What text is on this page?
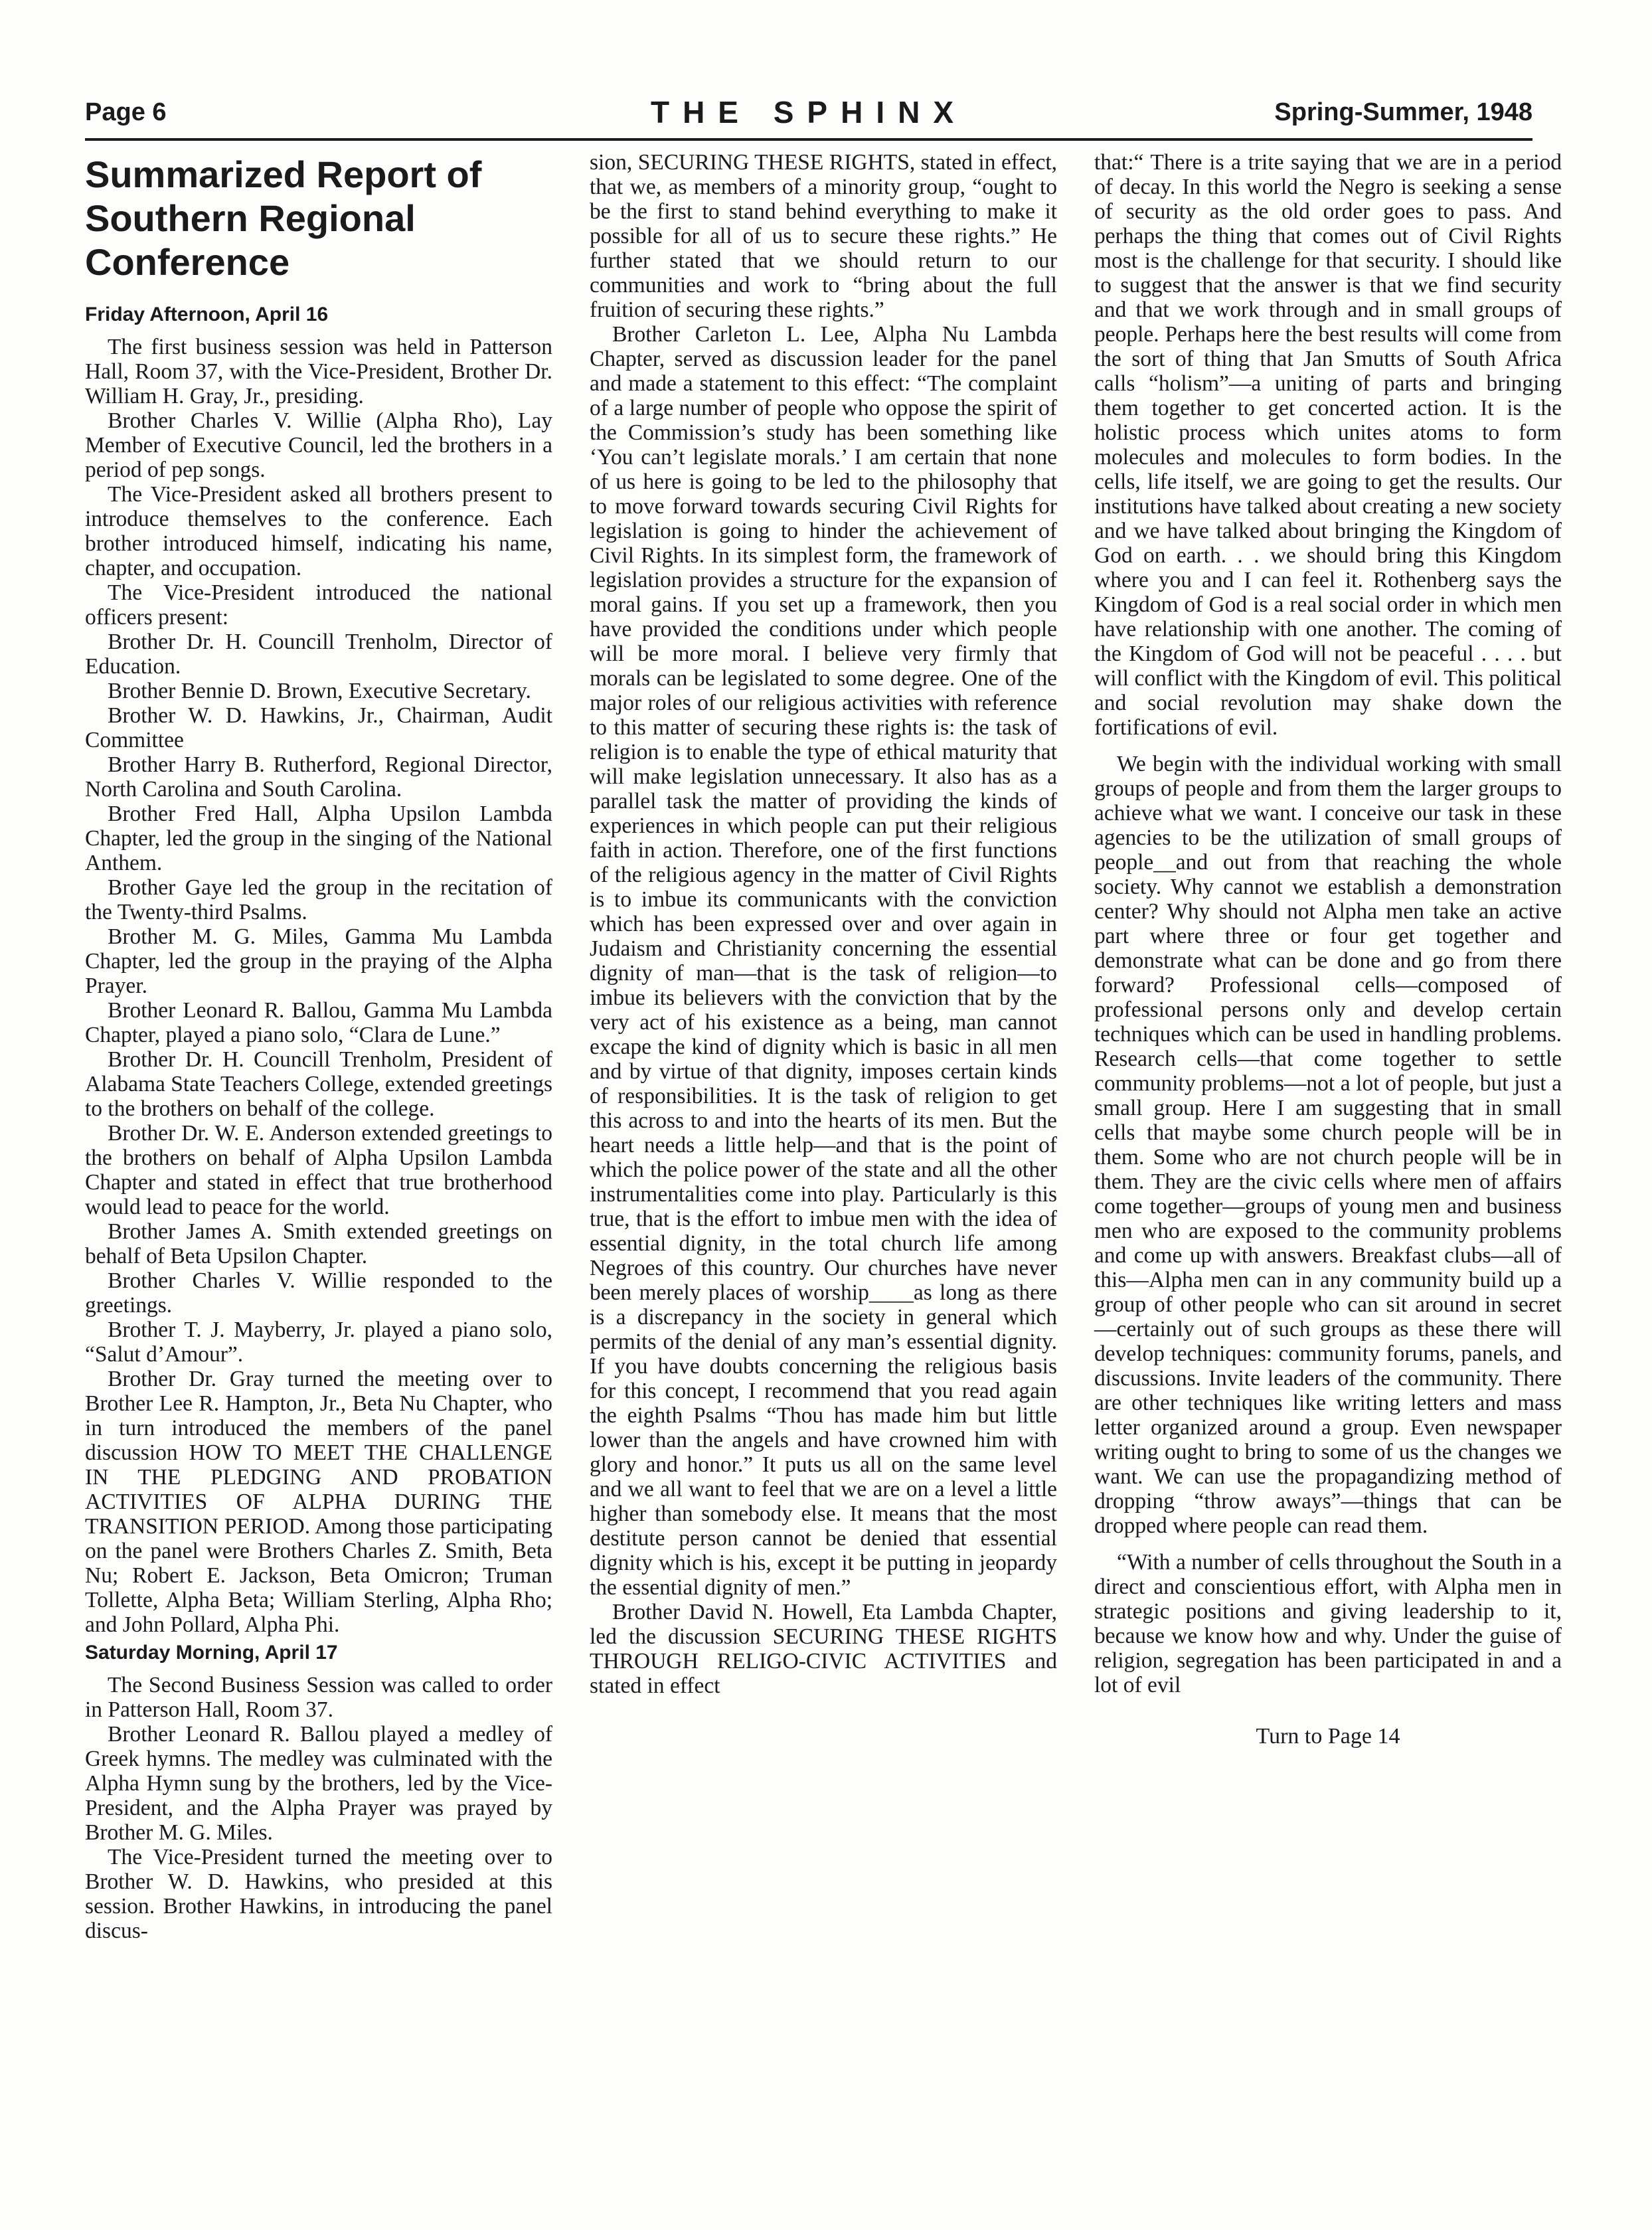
Page 6	THE SPHINX	Spring-Summer, 1948
Summarized Report of Southern Regional Conference
Friday Afternoon, April 16

The first business session was held in Patterson Hall, Room 37, with the Vice-President, Brother Dr. William H. Gray, Jr., presiding.

Brother Charles V. Willie (Alpha Rho), Lay Member of Executive Council, led the brothers in a period of pep songs.

The Vice-President asked all brothers present to introduce themselves to the conference. Each brother introduced himself, indicating his name, chapter, and occupation.

The Vice-President introduced the national officers present:

Brother Dr. H. Councill Trenholm, Director of Education.

Brother Bennie D. Brown, Executive Secretary.

Brother W. D. Hawkins, Jr., Chairman, Audit Committee

Brother Harry B. Rutherford, Regional Director, North Carolina and South Carolina.

Brother Fred Hall, Alpha Upsilon Lambda Chapter, led the group in the singing of the National Anthem.

Brother Gaye led the group in the recitation of the Twenty-third Psalms.

Brother M. G. Miles, Gamma Mu Lambda Chapter, led the group in the praying of the Alpha Prayer.

Brother Leonard R. Ballou, Gamma Mu Lambda Chapter, played a piano solo, “Clara de Lune.”

Brother Dr. H. Councill Trenholm, President of Alabama State Teachers College, extended greetings to the brothers on behalf of the college.

Brother Dr. W. E. Anderson extended greetings to the brothers on behalf of Alpha Upsilon Lambda Chapter and stated in effect that true brotherhood would lead to peace for the world.

Brother James A. Smith extended greetings on behalf of Beta Upsilon Chapter.

Brother Charles V. Willie responded to the greetings.

Brother T. J. Mayberry, Jr. played a piano solo, “Salut d’Amour”.

Brother Dr. Gray turned the meeting over to Brother Lee R. Hampton, Jr., Beta Nu Chapter, who in turn introduced the members of the panel discussion HOW TO MEET THE CHALLENGE IN THE PLEDGING AND PROBATION ACTIVITIES OF ALPHA DURING THE TRANSITION PERIOD. Among those participating on the panel were Brothers Charles Z. Smith, Beta Nu; Robert E. Jackson, Beta Omicron; Truman Tollette, Alpha Beta; William Sterling, Alpha Rho; and John Pollard, Alpha Phi.

Saturday Morning, April 17

The Second Business Session was called to order in Patterson Hall, Room 37.

Brother Leonard R. Ballou played a medley of Greek hymns. The medley was culminated with the Alpha Hymn sung by the brothers, led by the Vice-President, and the Alpha Prayer was prayed by Brother M. G. Miles.

The Vice-President turned the meeting over to Brother W. D. Hawkins, who presided at this session. Brother Hawkins, in introducing the panel discus-

sion, SECURING THESE RIGHTS, stated in effect, that we, as members of a minority group, “ought to be the first to stand behind everything to make it possible for all of us to secure these rights.” He further stated that we should return to our communities and work to “bring about the full fruition of securing these rights.”

Brother Carleton L. Lee, Alpha Nu Lambda Chapter, served as discussion leader for the panel and made a statement to this effect: “The complaint of a large number of people who oppose the spirit of the Commission’s study has been something like ‘You can’t legislate morals.’ I am certain that none of us here is going to be led to the philosophy that to move forward towards securing Civil Rights for legislation is going to hinder the achievement of Civil Rights. In its simplest form, the framework of legislation provides a structure for the expansion of moral gains. If you set up a framework, then you have provided the conditions under which people will be more moral. I believe very firmly that morals can be legislated to some degree. One of the major roles of our religious activities with reference to this matter of securing these rights is: the task of religion is to enable the type of ethical maturity that will make legislation unnecessary. It also has as a parallel task the matter of providing the kinds of experiences in which people can put their religious faith in action. Therefore, one of the first functions of the religious agency in the matter of Civil Rights is to imbue its communicants with the conviction which has been expressed over and over again in Judaism and Christianity concerning the essential dignity of man—that is the task of religion—to imbue its believers with the conviction that by the very act of his existence as a being, man cannot excape the kind of dignity which is basic in all men and by virtue of that dignity, imposes certain kinds of responsibilities. It is the task of religion to get this across to and into the hearts of its men. But the heart needs a little help—and that is the point of which the police power of the state and all the other instrumentalities come into play. Particularly is this true, that is the effort to imbue men with the idea of essential dignity, in the total church life among Negroes of this country. Our churches have never been merely places of worship____as long as there is a discrepancy in the society in general which permits of the denial of any man’s essential dignity. If you have doubts concerning the religious basis for this concept, I recommend that you read again the eighth Psalms “Thou has made him but little lower than the angels and have crowned him with glory and honor.” It puts us all on the same level and we all want to feel that we are on a level a little higher than somebody else. It means that the most destitute person cannot be denied that essential dignity which is his, except it be putting in jeopardy the essential dignity of men.”

Brother David N. Howell, Eta Lambda Chapter, led the discussion SECURING THESE RIGHTS THROUGH RELIGO-CIVIC ACTIVITIES and stated in effect

that:“ There is a trite saying that we are in a period of decay. In this world the Negro is seeking a sense of security as the old order goes to pass. And perhaps the thing that comes out of Civil Rights most is the challenge for that security. I should like to suggest that the answer is that we find security and that we work through and in small groups of people. Perhaps here the best results will come from the sort of thing that Jan Smutts of South Africa calls “holism”—a uniting of parts and bringing them together to get concerted action. It is the holistic process which unites atoms to form molecules and molecules to form bodies. In the cells, life itself, we are going to get the results. Our institutions have talked about creating a new society and we have talked about bringing the Kingdom of God on earth. . . we should bring this Kingdom where you and I can feel it. Rothenberg says the Kingdom of God is a real social order in which men have relationship with one another. The coming of the Kingdom of God will not be peaceful . . . . but will conflict with the Kingdom of evil. This political and social revolution may shake down the fortifications of evil.

We begin with the individual working with small groups of people and from them the larger groups to achieve what we want. I conceive our task in these agencies to be the utilization of small groups of people__and out from that reaching the whole society. Why cannot we establish a demonstration center? Why should not Alpha men take an active part where three or four get together and demonstrate what can be done and go from there forward? Professional cells—composed of professional persons only and develop certain techniques which can be used in handling problems. Research cells—that come together to settle community problems—not a lot of people, but just a small group. Here I am suggesting that in small cells that maybe some church people will be in them. Some who are not church people will be in them. They are the civic cells where men of affairs come together—groups of young men and business men who are exposed to the community problems and come up with answers. Breakfast clubs—all of this—Alpha men can in any community build up a group of other people who can sit around in secret—certainly out of such groups as these there will develop techniques: community forums, panels, and discussions. Invite leaders of the community. There are other techniques like writing letters and mass letter organized around a group. Even newspaper writing ought to bring to some of us the changes we want. We can use the propagandizing method of dropping “throw aways”—things that can be dropped where people can read them.

“With a number of cells throughout the South in a direct and conscientious effort, with Alpha men in strategic positions and giving leadership to it, because we know how and why. Under the guise of religion, segregation has been participated in and a lot of evil

Turn to Page 14
